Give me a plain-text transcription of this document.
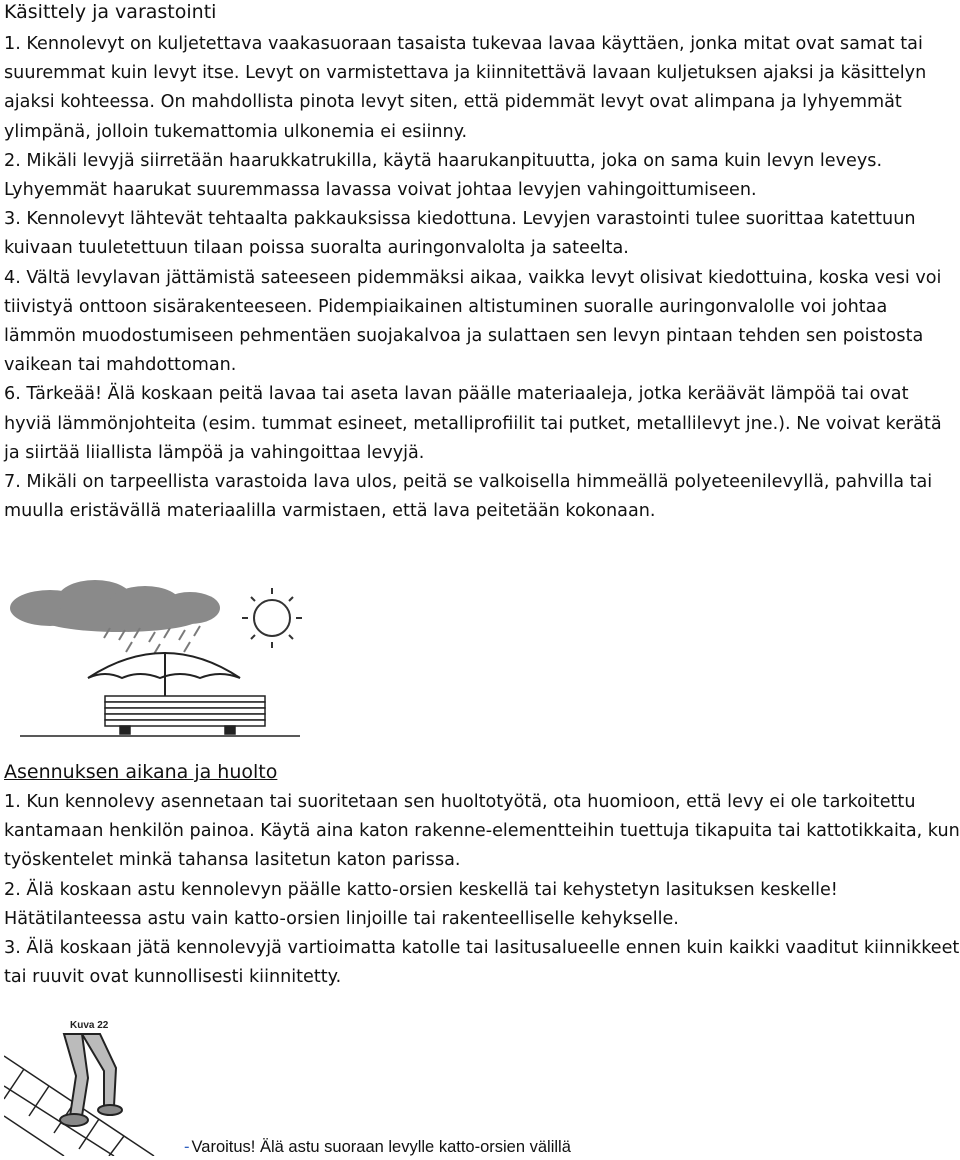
Käsittely ja varastointi

1. Kennolevyt on kuljetettava vaakasuoraan tasaista tukevaa lavaa käyttäen, jonka mitat ovat samat tai suuremmat kuin levyt itse. Levyt on varmistettava ja kiinnitettävä lavaan kuljetuksen ajaksi ja käsittelyn ajaksi kohteessa. On mahdollista pinota levyt siten, että pidemmät levyt ovat alimpana ja lyhyemmät ylimpänä, jolloin tukemattomia ulkonemia ei esiinny.
2. Mikäli levyjä siirretään haarukkatrukilla, käytä haarukanpituutta, joka on sama kuin levyn leveys. Lyhyemmät haarukat suuremmassa lavassa voivat johtaa levyjen vahingoittumiseen.
3. Kennolevyt lähtevät tehtaalta pakkauksissa kiedottuna. Levyjen varastointi tulee suorittaa katettuun kuivaan tuuletettuun tilaan poissa suoralta auringonvalolta ja sateelta.
4. Vältä levylavan jättämistä sateeseen pidemmäksi aikaa, vaikka levyt olisivat kiedottuina, koska vesi voi tiivistyä onttoon sisärakenteeseen. Pidempiaikainen altistuminen suoralle auringonvalolle voi johtaa lämmön muodostumiseen pehmentäen suojakalvoa ja sulattaen sen levyn pintaan tehden sen poistosta vaikean tai mahdottoman.
6. Tärkeää! Älä koskaan peitä lavaa tai aseta lavan päälle materiaaleja, jotka keräävät lämpöä tai ovat hyviä lämmönjohteita (esim. tummat esineet, metalliprofiilit tai putket, metallilevyt jne.). Ne voivat kerätä ja siirtää liiallista lämpöä ja vahingoittaa levyjä.
7. Mikäli on tarpeellista varastoida lava ulos, peitä se valkoisella himmeällä polyeteenilevyllä, pahvilla tai muulla eristävällä materiaalilla varmistaen, että lava peitetään kokonaan.

Asennuksen aikana ja huolto

1. Kun kennolevy asennetaan tai suoritetaan sen huoltotyötä, ota huomioon, että levy ei ole tarkoitettu kantamaan henkilön painoa. Käytä aina katon rakenne-elementteihin tuettuja tikapuita tai kattotikkaita, kun työskentelet minkä tahansa lasitetun katon parissa.
2. Älä koskaan astu kennolevyn päälle katto-orsien keskellä tai kehystetyn lasituksen keskelle! Hätätilanteessa astu vain katto-orsien linjoille tai rakenteelliselle kehykselle.
3. Älä koskaan jätä kennolevyjä vartioimatta katolle tai lasitusalueelle ennen kuin kaikki vaaditut kiinnikkeet tai ruuvit ovat kunnollisesti kiinnitetty.

Kuva 22
- Varoitus! Älä astu suoraan levylle katto-orsien välillä
